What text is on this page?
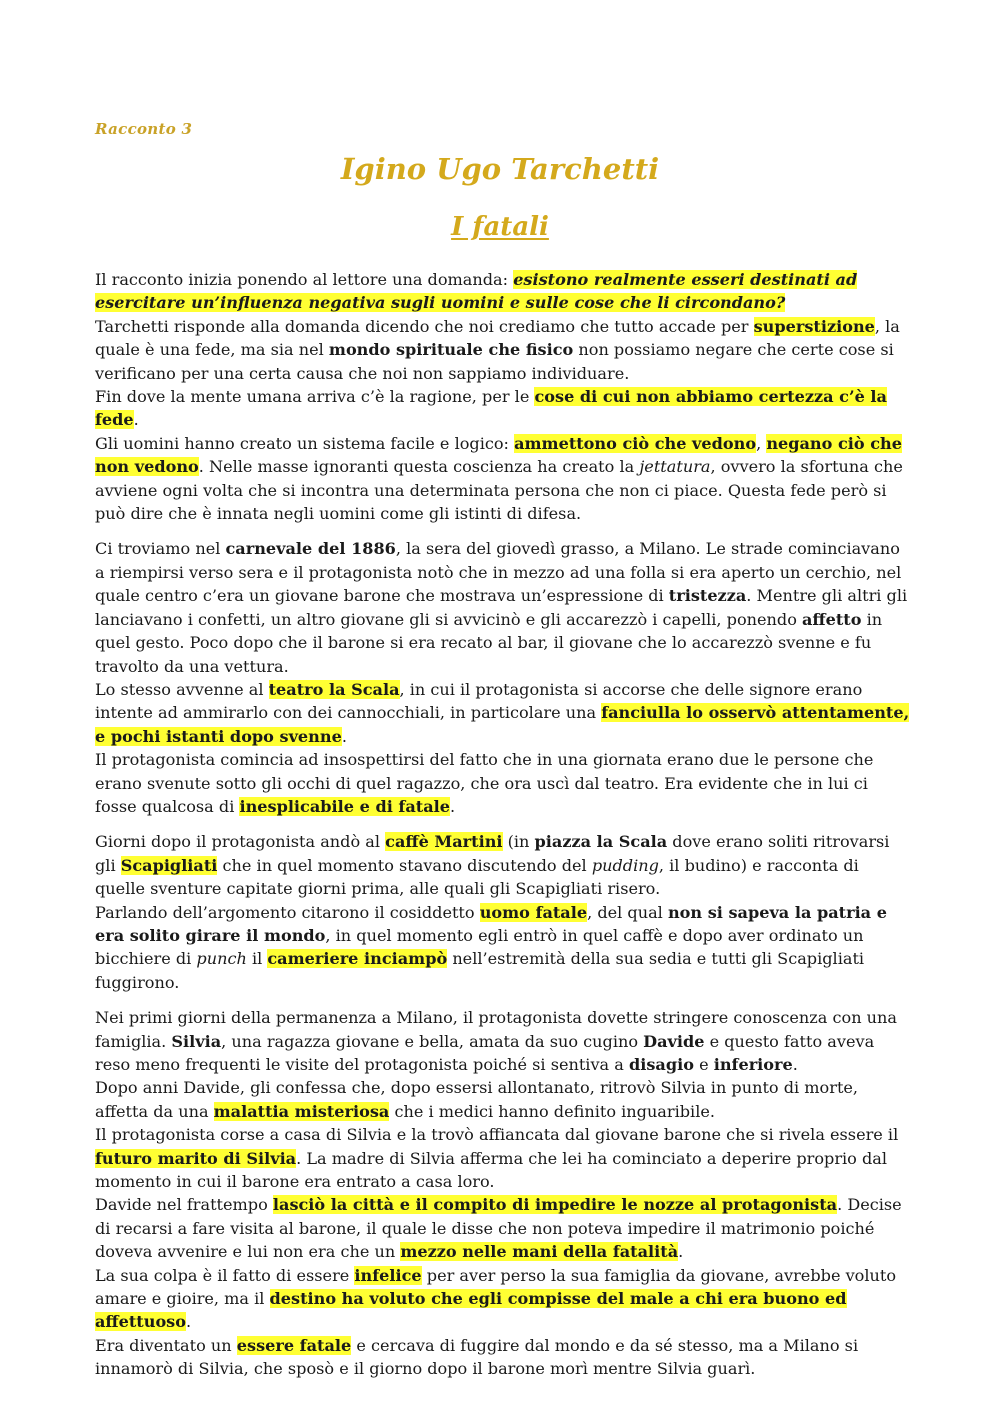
Racconto 3
Igino Ugo Tarchetti
I fatali

Il racconto inizia ponendo al lettore una domanda: esistono realmente esseri destinati ad esercitare un’influenza negativa sugli uomini e sulle cose che li circondano?

Tarchetti risponde alla domanda dicendo che noi crediamo che tutto accade per superstizione, la quale è una fede, ma sia nel mondo spirituale che fisico non possiamo negare che certe cose si verificano per una certa causa che noi non sappiamo individuare.

Fin dove la mente umana arriva c’è la ragione, per le cose di cui non abbiamo certezza c’è la fede.

Gli uomini hanno creato un sistema facile e logico: ammettono ciò che vedono, negano ciò che non vedono. Nelle masse ignoranti questa coscienza ha creato la jettatura, ovvero la sfortuna che avviene ogni volta che si incontra una determinata persona che non ci piace. Questa fede però si può dire che è innata negli uomini come gli istinti di difesa.

Ci troviamo nel carnevale del 1886, la sera del giovedì grasso, a Milano. Le strade cominciavano a riempirsi verso sera e il protagonista notò che in mezzo ad una folla si era aperto un cerchio, nel quale centro c’era un giovane barone che mostrava un’espressione di tristezza. Mentre gli altri gli lanciavano i confetti, un altro giovane gli si avvicinò e gli accarezzò i capelli, ponendo affetto in quel gesto. Poco dopo che il barone si era recato al bar, il giovane che lo accarezzò svenne e fu travolto da una vettura.

Lo stesso avvenne al teatro la Scala, in cui il protagonista si accorse che delle signore erano intente ad ammirarlo con dei cannocchiali, in particolare una fanciulla lo osservò attentamente, e pochi istanti dopo svenne.

Il protagonista comincia ad insospettirsi del fatto che in una giornata erano due le persone che erano svenute sotto gli occhi di quel ragazzo, che ora uscì dal teatro. Era evidente che in lui ci fosse qualcosa di inesplicabile e di fatale.

Giorni dopo il protagonista andò al caffè Martini (in piazza la Scala dove erano soliti ritrovarsi gli Scapigliati che in quel momento stavano discutendo del pudding, il budino) e racconta di quelle sventure capitate giorni prima, alle quali gli Scapigliati risero.

Parlando dell’argomento citarono il cosiddetto uomo fatale, del qual non si sapeva la patria e era solito girare il mondo, in quel momento egli entrò in quel caffè e dopo aver ordinato un bicchiere di punch il cameriere inciampò nell’estremità della sua sedia e tutti gli Scapigliati fuggirono.

Nei primi giorni della permanenza a Milano, il protagonista dovette stringere conoscenza con una famiglia. Silvia, una ragazza giovane e bella, amata da suo cugino Davide e questo fatto aveva reso meno frequenti le visite del protagonista poiché si sentiva a disagio e inferiore.

Dopo anni Davide, gli confessa che, dopo essersi allontanato, ritrovò Silvia in punto di morte, affetta da una malattia misteriosa che i medici hanno definito inguaribile.

Il protagonista corse a casa di Silvia e la trovò affiancata dal giovane barone che si rivela essere il futuro marito di Silvia. La madre di Silvia afferma che lei ha cominciato a deperire proprio dal momento in cui il barone era entrato a casa loro.

Davide nel frattempo lasciò la città e il compito di impedire le nozze al protagonista. Decise di recarsi a fare visita al barone, il quale le disse che non poteva impedire il matrimonio poiché doveva avvenire e lui non era che un mezzo nelle mani della fatalità.

La sua colpa è il fatto di essere infelice per aver perso la sua famiglia da giovane, avrebbe voluto amare e gioire, ma il destino ha voluto che egli compisse del male a chi era buono ed affettuoso.

Era diventato un essere fatale e cercava di fuggire dal mondo e da sé stesso, ma a Milano si innamorò di Silvia, che sposò e il giorno dopo il barone morì mentre Silvia guarì.
